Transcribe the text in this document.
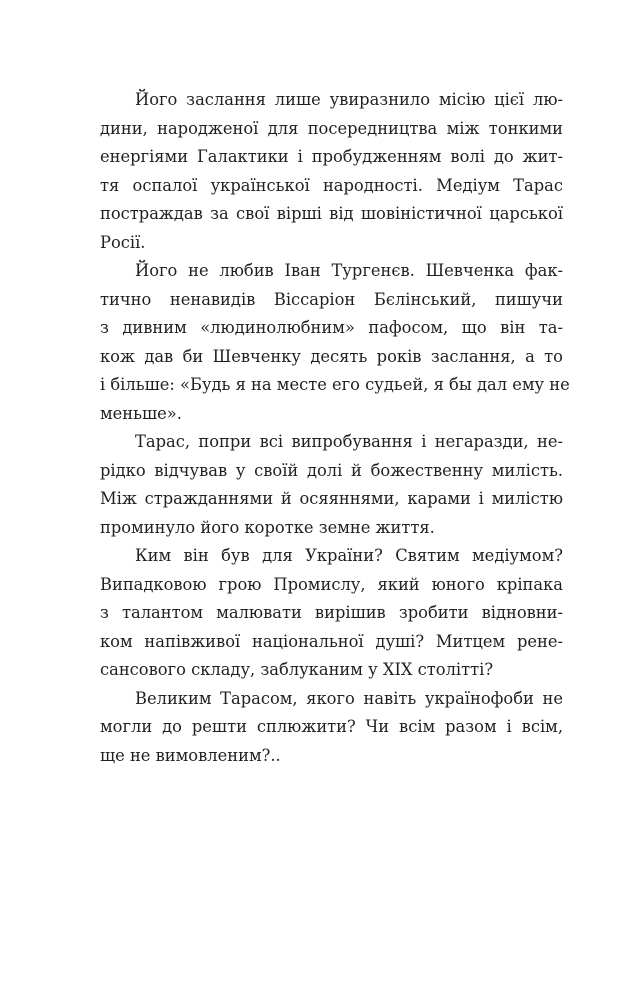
Його заслання лише увиразнило місію цієї лю-
дини, народженої для посередництва між тонкими
енергіями Галактики і пробудженням волі до жит-
тя оспалої української народності. Медіум Тарас
постраждав за свої вірші від шовіністичної царської
Росії.
Його не любив Іван Тургенєв. Шевченка фак-
тично ненавидів Віссаріон Бєлінський, пишучи
з дивним «людинолюбним» пафосом, що він та-
кож дав би Шевченку десять років заслання, а то
і більше: «Будь я на месте его судьей, я бы дал ему не
меньше».
Тарас, попри всі випробування і негаразди, не-
рідко відчував у своїй долі й божественну милість.
Між стражданнями й осяяннями, карами і милістю
проминуло його коротке земне життя.
Ким він був для України? Святим медіумом?
Випадковою грою Промислу, який юного кріпака
з талантом малювати вирішив зробити відновни-
ком напівживої національної душі? Митцем рене-
сансового складу, заблуканим у XIX столітті?
Великим Тарасом, якого навіть українофоби не
могли до решти сплюжити? Чи всім разом і всім,
ще не вимовленим?..
